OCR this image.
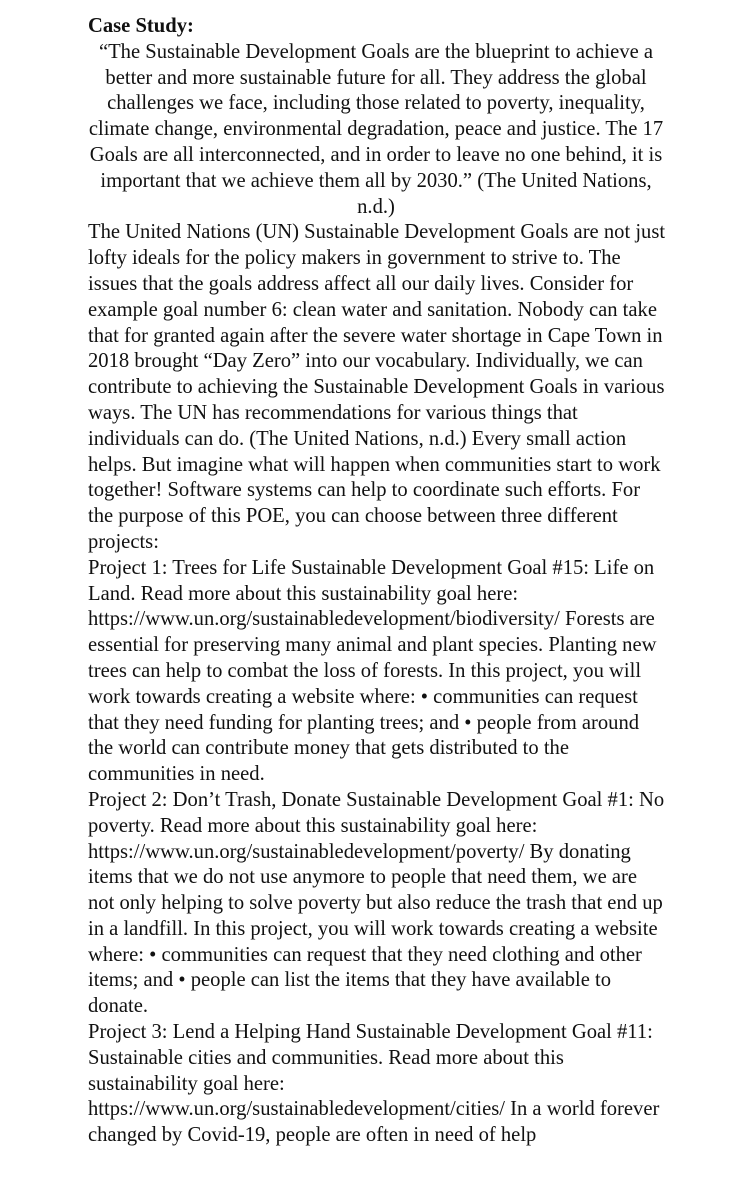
Case Study:

“The Sustainable Development Goals are the blueprint to achieve a better and more sustainable future for all. They address the global challenges we face, including those related to poverty, inequality, climate change, environmental degradation, peace and justice. The 17 Goals are all interconnected, and in order to leave no one behind, it is important that we achieve them all by 2030.” (The United Nations, n.d.)

The United Nations (UN) Sustainable Development Goals are not just lofty ideals for the policy makers in government to strive to. The issues that the goals address affect all our daily lives. Consider for example goal number 6: clean water and sanitation. Nobody can take that for granted again after the severe water shortage in Cape Town in 2018 brought “Day Zero” into our vocabulary. Individually, we can contribute to achieving the Sustainable Development Goals in various ways. The UN has recommendations for various things that individuals can do. (The United Nations, n.d.) Every small action helps. But imagine what will happen when communities start to work together! Software systems can help to coordinate such efforts. For the purpose of this POE, you can choose between three different projects:

Project 1: Trees for Life Sustainable Development Goal #15: Life on Land. Read more about this sustainability goal here: https://www.un.org/sustainabledevelopment/biodiversity/ Forests are essential for preserving many animal and plant species. Planting new trees can help to combat the loss of forests. In this project, you will work towards creating a website where: • communities can request that they need funding for planting trees; and • people from around the world can contribute money that gets distributed to the communities in need.

Project 2: Don’t Trash, Donate Sustainable Development Goal #1: No poverty. Read more about this sustainability goal here: https://www.un.org/sustainabledevelopment/poverty/ By donating items that we do not use anymore to people that need them, we are not only helping to solve poverty but also reduce the trash that end up in a landfill. In this project, you will work towards creating a website where: • communities can request that they need clothing and other items; and • people can list the items that they have available to donate.

Project 3: Lend a Helping Hand Sustainable Development Goal #11: Sustainable cities and communities. Read more about this sustainability goal here: https://www.un.org/sustainabledevelopment/cities/ In a world forever changed by Covid-19, people are often in need of help
